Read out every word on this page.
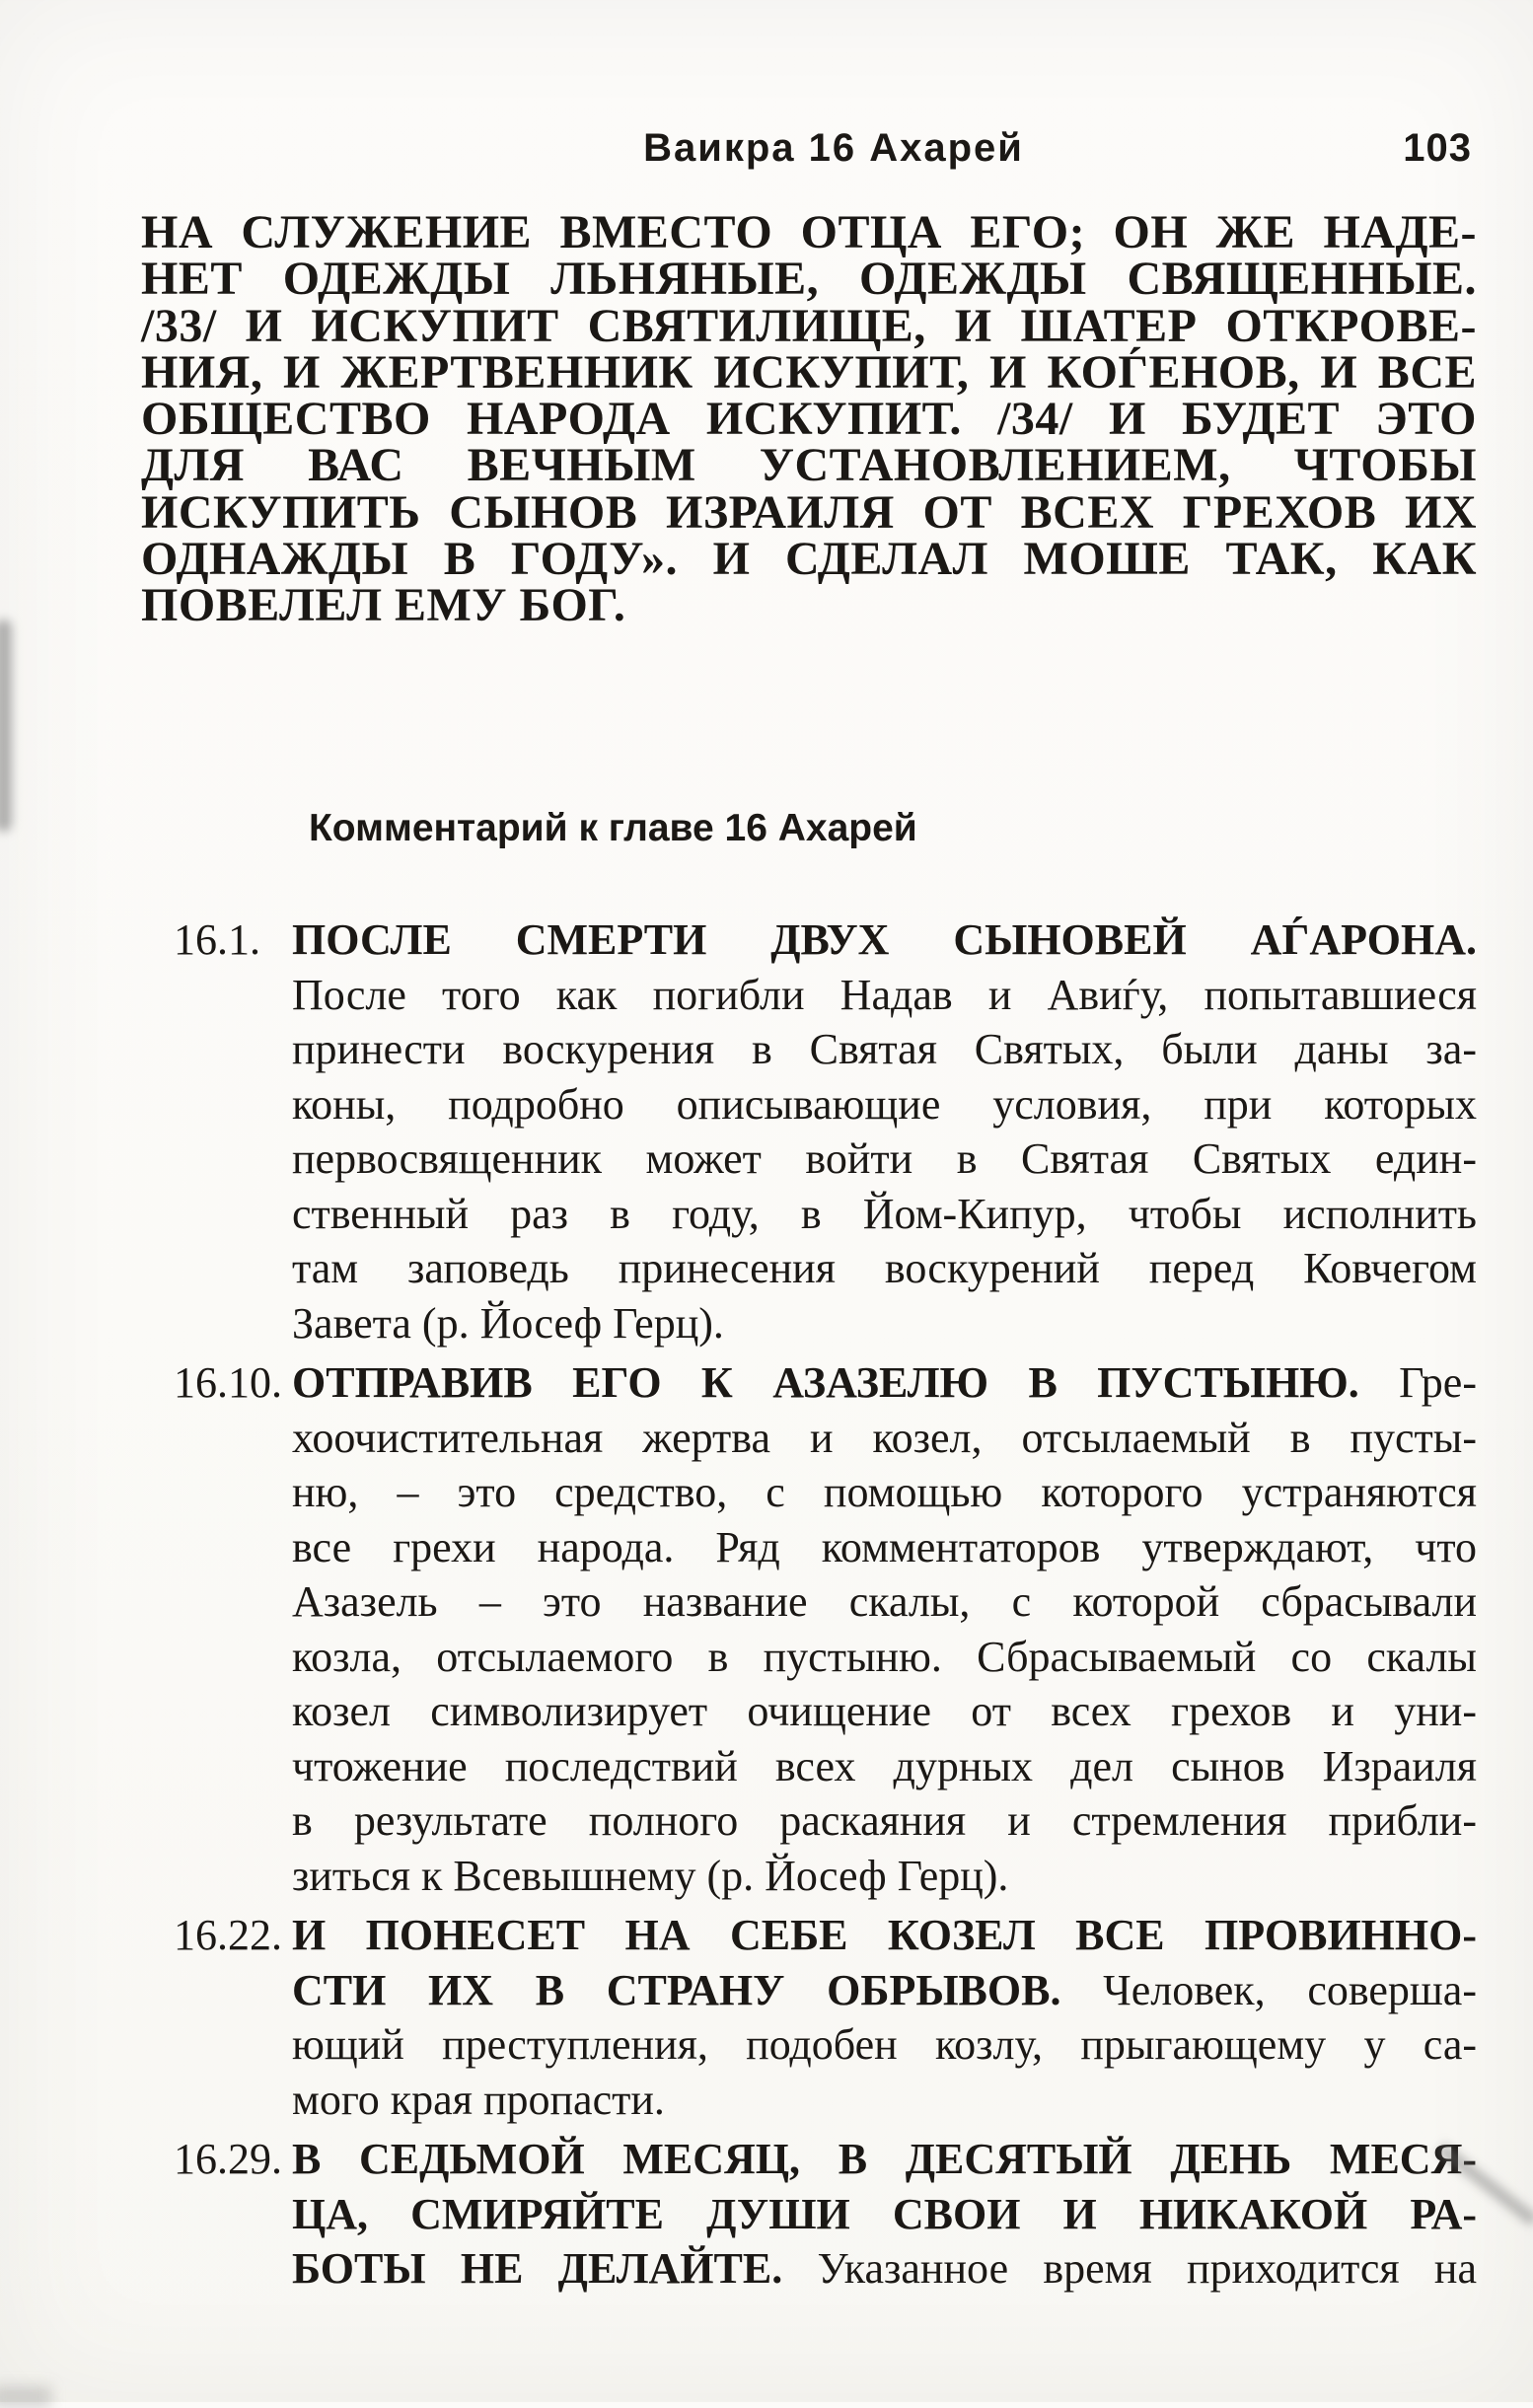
Ваикра 16 Ахарей	103
НА СЛУЖЕНИЕ ВМЕСТО ОТЦА ЕГО; ОН ЖЕ НАДЕ-
НЕТ ОДЕЖДЫ ЛЬНЯНЫЕ, ОДЕЖДЫ СВЯЩЕННЫЕ.
/33/ И ИСКУПИТ СВЯТИЛИЩЕ, И ШАТЕР ОТКРОВЕ-
НИЯ, И ЖЕРТВЕННИК ИСКУПИТ, И КОЃЕНОВ, И ВСЕ
ОБЩЕСТВО НАРОДА ИСКУПИТ. /34/ И БУДЕТ ЭТО
ДЛЯ ВАС ВЕЧНЫМ УСТАНОВЛЕНИЕМ, ЧТОБЫ
ИСКУПИТЬ СЫНОВ ИЗРАИЛЯ ОТ ВСЕХ ГРЕХОВ ИХ
ОДНАЖДЫ В ГОДУ». И СДЕЛАЛ МОШЕ ТАК, КАК
ПОВЕЛЕЛ ЕМУ БОГ.
Комментарий к главе 16 Ахарей
16.1. ПОСЛЕ СМЕРТИ ДВУХ СЫНОВЕЙ АЃАРОНА.
После того как погибли Надав и Авиѓу, попытавшиеся
принести воскурения в Святая Святых, были даны за-
коны, подробно описывающие условия, при которых
первосвященник может войти в Святая Святых един-
ственный раз в году, в Йом-Кипур, чтобы исполнить
там заповедь принесения воскурений перед Ковчегом
Завета (р. Йосеф Герц).
16.10. ОТПРАВИВ ЕГО К АЗАЗЕЛЮ В ПУСТЫНЮ. Гре-
хоочистительная жертва и козел, отсылаемый в пусты-
ню, – это средство, с помощью которого устраняются
все грехи народа. Ряд комментаторов утверждают, что
Азазель – это название скалы, с которой сбрасывали
козла, отсылаемого в пустыню. Сбрасываемый со скалы
козел символизирует очищение от всех грехов и уни-
чтожение последствий всех дурных дел сынов Израиля
в результате полного раскаяния и стремления прибли-
зиться к Всевышнему (р. Йосеф Герц).
16.22. И ПОНЕСЕТ НА СЕБЕ КОЗЕЛ ВСЕ ПРОВИННО-
СТИ ИХ В СТРАНУ ОБРЫВОВ. Человек, соверша-
ющий преступления, подобен козлу, прыгающему у са-
мого края пропасти.
16.29. В СЕДЬМОЙ МЕСЯЦ, В ДЕСЯТЫЙ ДЕНЬ МЕСЯ-
ЦА, СМИРЯЙТЕ ДУШИ СВОИ И НИКАКОЙ РА-
БОТЫ НЕ ДЕЛАЙТЕ. Указанное время приходится на
